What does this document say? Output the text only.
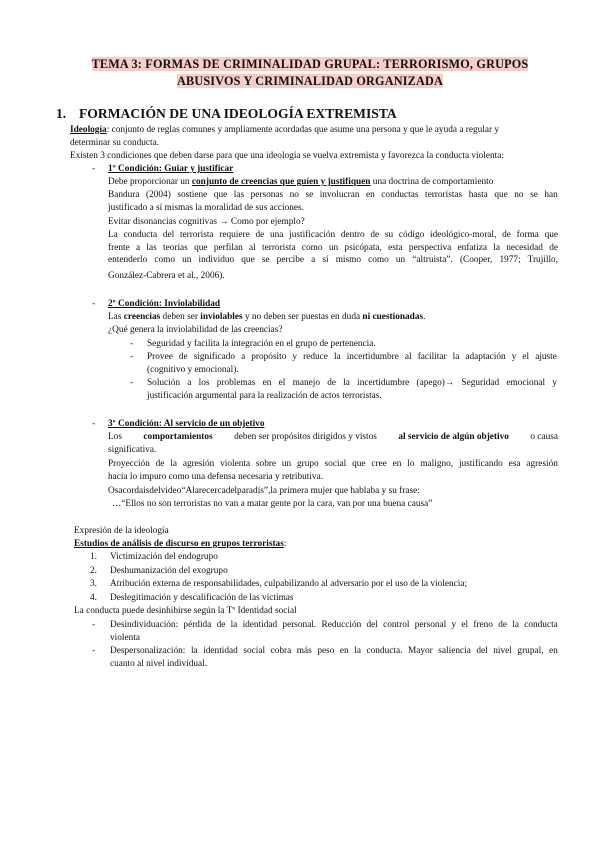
TEMA 3: FORMAS DE CRIMINALIDAD GRUPAL: TERRORISMO, GRUPOS
ABUSIVOS Y CRIMINALIDAD ORGANIZADA
1. FORMACIÓN DE UNA IDEOLOGÍA EXTREMISTA
Ideología: conjunto de reglas comunes y ampliamente acordadas que asume una persona y que le ayuda a regular y
determinar su conducta.
Existen 3 condiciones que deben darse para que una ideología se vuelva extremista y favorezca la conducta violenta:
- 1º Condición: Guiar y justificar
Debe proporcionar un conjunto de creencias que guíen y justifiquen una doctrina de comportamiento
Bandura (2004) sostiene que las personas no se involucran en conductas terroristas hasta que no se han
justificado a sí mismas la moralidad de sus acciones.
Evitar disonancias cognitivas → Como por ejemplo?
La conducta del terrorista requiere de una justificación dentro de su código ideológico-moral, de forma que
frente a las teorías que perfilan al terrorista como un psicópata, esta perspectiva enfatiza la necesidad de
entenderlo como un individuo que se percibe a sí mismo como un “altruista”. (Cooper, 1977; Trujillo,
González-Cabrera et al., 2006).
- 2º Condición: Inviolabilidad
Las creencias deben ser inviolables y no deben ser puestas en duda ni cuestionadas.
¿Qué genera la inviolabilidad de las creencias?
- Seguridad y facilita la integración en el grupo de pertenencia.
- Provee de significado a propósito y reduce la incertidumbre al facilitar la adaptación y el ajuste
(cognitivo y emocional).
- Solución a los problemas en el manejo de la incertidumbre (apego)→ Seguridad emocional y
justificación argumental para la realización de actos terroristas.
- 3º Condición: Al servicio de un objetivo
Los comportamientos deben ser propósitos dirigidos y vistos al servicio de algún objetivo o causa
significativa.
Proyección de la agresión violenta sobre un grupo social que cree en lo maligno, justificando esa agresión
hacia lo impuro como una defensa necesaria y retributiva.
Osacordaisdelvideo“Alarecercadelparadís”,la primera mujer que hablaba y su frase:
…“Ellos no son terroristas no van a matar gente por la cara, van por una buena causa”
Expresión de la ideología
Estudios de análisis de discurso en grupos terroristas:
1. Victimización del endogrupo
2. Deshumanización del exogrupo
3. Atribución externa de responsabilidades, culpabilizando al adversario por el uso de la violencia;
4. Deslegitimación y descalificación de las víctimas
La conducta puede desinhibirse según la Tº Identidad social
- Desindividuación: pérdida de la identidad personal. Reducción del control personal y el freno de la conducta
violenta
- Despersonalización: la identidad social cobra más peso en la conducta. Mayor saliencia del nivel grupal, en
cuanto al nivel individual.
